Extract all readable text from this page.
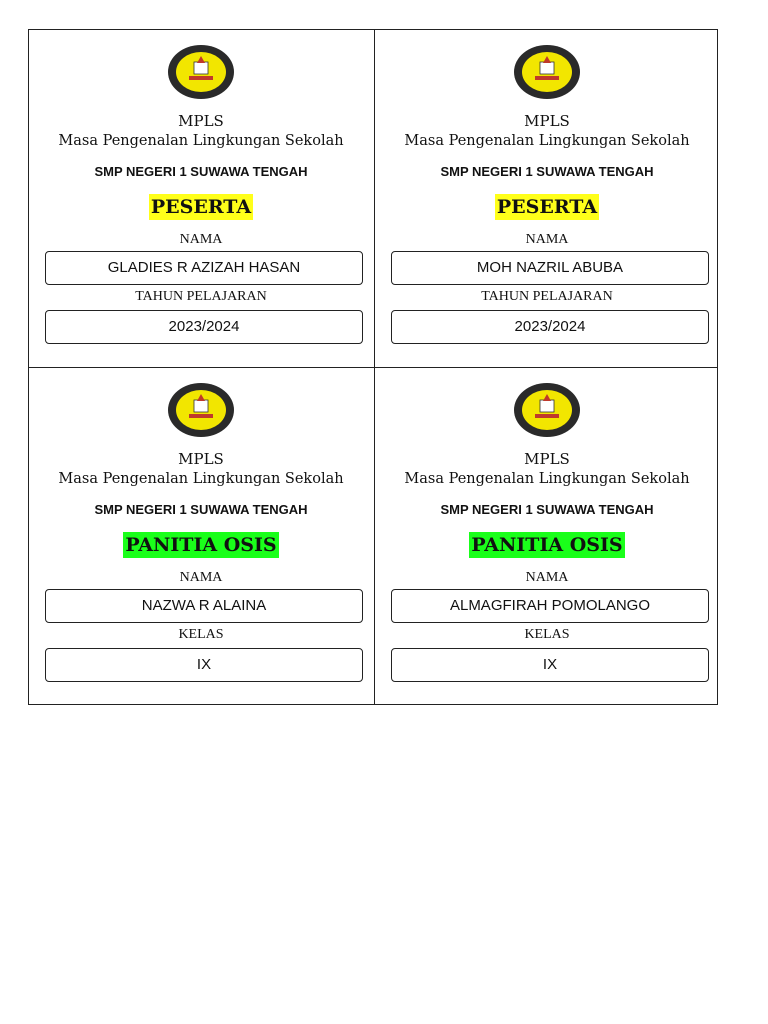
MPLS
Masa Pengenalan Lingkungan Sekolah
SMP NEGERI 1 SUWAWA TENGAH
PESERTA
NAMA
GLADIES R AZIZAH HASAN
TAHUN PELAJARAN
2023/2024
MPLS
Masa Pengenalan Lingkungan Sekolah
SMP NEGERI 1 SUWAWA TENGAH
PESERTA
NAMA
MOH NAZRIL ABUBA
TAHUN PELAJARAN
2023/2024
MPLS
Masa Pengenalan Lingkungan Sekolah
SMP NEGERI 1 SUWAWA TENGAH
PANITIA OSIS
NAMA
NAZWA R ALAINA
KELAS
IX
MPLS
Masa Pengenalan Lingkungan Sekolah
SMP NEGERI 1 SUWAWA TENGAH
PANITIA OSIS
NAMA
ALMAGFIRAH POMOLANGO
KELAS
IX
